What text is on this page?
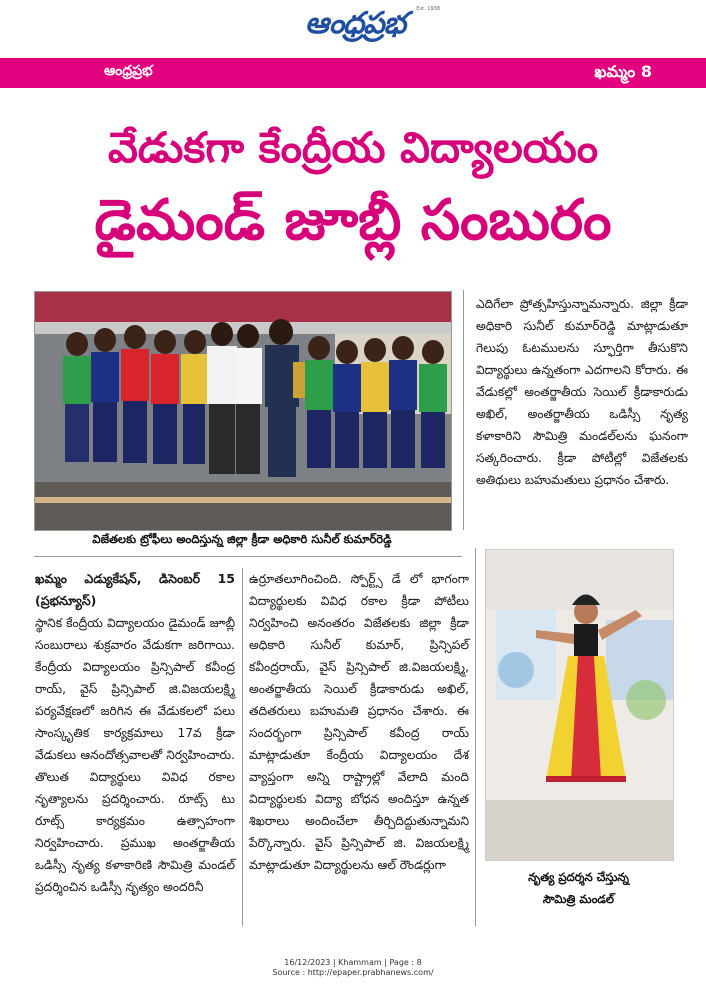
ఆంధ్రప్రభ	Est. 1938
ఆంధ్రప్రభ	ఖమ్మం 8
వేడుకగా కేంద్రీయ విద్యాలయం
డైమండ్ జూబ్లీ సంబురం
విజేతలకు ట్రోఫీలు అందిస్తున్న జిల్లా క్రీడా అధికారి సునీల్ కుమార్‌రెడ్డి
నృత్య ప్రదర్శన చేస్తున్న
సౌమిత్రి మండల్

ఎదిగేలా ప్రోత్సహిస్తున్నామన్నారు. జిల్లా క్రీడా అధికారి సునీల్ కుమార్‌రెడ్డి మాట్లాడుతూ గెలుపు ఓటములను స్ఫూర్తిగా తీసుకొని విద్యార్థులు ఉన్నతంగా ఎదగాలని కోరారు. ఈ వేడుకల్లో అంతర్జాతీయ సెయిల్ క్రీడాకారుడు అఖిల్, అంతర్జాతీయ ఒడిస్సీ నృత్య కళాకారిని సౌమిత్రి మండల్‌లను ఘనంగా సత్కరించారు. క్రీడా పోటీల్లో విజేతలకు అతిథులు బహుమతులు ప్రధానం చేశారు.

ఖమ్మం ఎడ్యుకేషన్, డిసెంబర్ 15 (ప్రభన్యూస్)

స్థానిక కేంద్రీయ విద్యాలయం డైమండ్ జూబ్లీ సంబురాలు శుక్రవారం వేడుకగా జరిగాయి. కేంద్రీయ విద్యాలయం ప్రిన్సిపాల్ కవీంద్ర రాయ్, వైస్ ప్రిన్సిపాల్ జి.విజయలక్ష్మి పర్యవేక్షణలో జరిగిన ఈ వేడుకలలో పలు సాంస్కృతిక కార్యక్రమాలు 17వ క్రీడా వేడుకలు ఆనందోత్సవాలతో నిర్వహించారు. తొలుత విద్యార్థులు వివిధ రకాల నృత్యాలను ప్రదర్శించారు. రూట్స్ టు రూట్స్ కార్యక్రమం ఉత్సాహంగా నిర్వహించారు. ప్రముఖ అంతర్జాతీయ ఒడిస్సీ నృత్య కళాకారిణి సౌమిత్రి మండల్ ప్రదర్శించిన ఒడిస్సీ నృత్యం అందరినీ

ఉర్రూతలూగించింది. స్పోర్ట్స్ డే లో భాగంగా విద్యార్థులకు వివిధ రకాల క్రీడా పోటీలు నిర్వహించి అనంతరం విజేతలకు జిల్లా క్రీడా అధికారి సునీల్ కుమార్, ప్రిన్సిపల్ కవీంద్రరాయ్, వైస్ ప్రిన్సిపాల్ జి.విజయలక్ష్మి, అంతర్జాతీయ సెయిల్ క్రీడాకారుడు అఖిల్, తదితరులు బహుమతి ప్రధానం చేశారు. ఈ సందర్భంగా ప్రిన్సిపాల్ కవీంద్ర రాయ్ మాట్లాడుతూ కేంద్రీయ విద్యాలయం దేశ వ్యాప్తంగా అన్ని రాష్ట్రాల్లో వేలాది మంది విద్యార్థులకు విద్యా బోధన అందిస్తూ ఉన్నత శిఖరాలు అందించేలా తీర్చిదిద్దుతున్నామని పేర్కొన్నారు. వైస్ ప్రిన్సిపాల్ జి. విజయలక్ష్మి మాట్లాడుతూ విద్యార్థులను ఆల్ రౌండర్లుగా

16/12/2023 | Khammam | Page : 8
Source : http://epaper.prabhanews.com/
